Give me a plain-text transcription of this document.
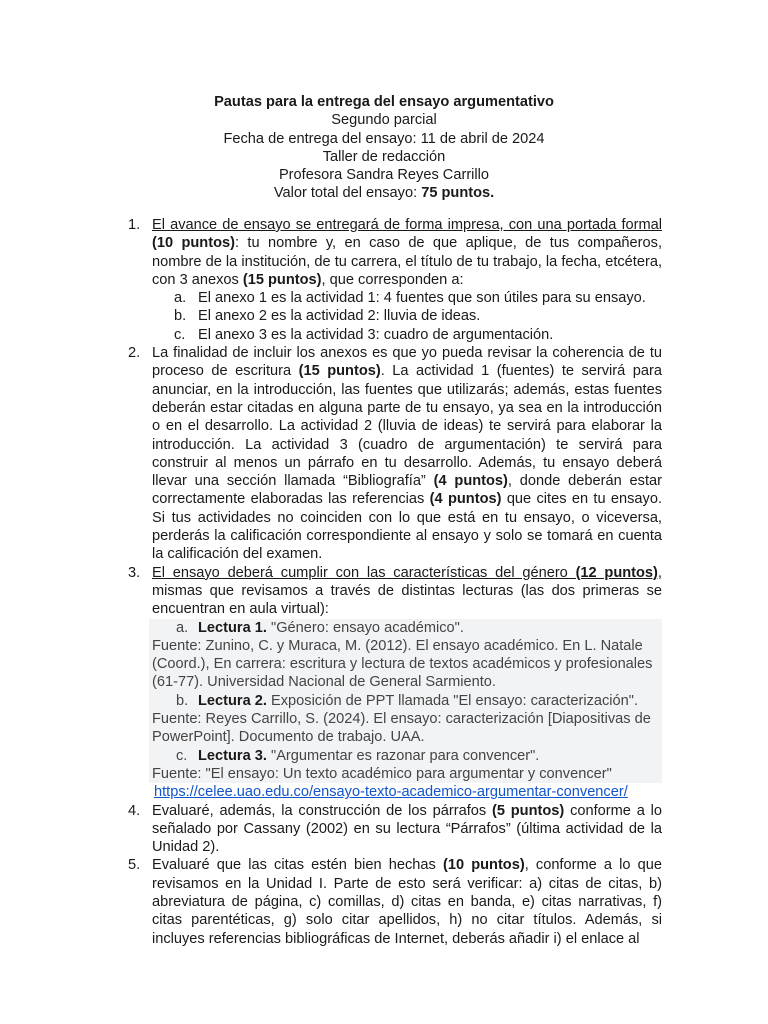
Pautas para la entrega del ensayo argumentativo
Segundo parcial
Fecha de entrega del ensayo: 11 de abril de 2024
Taller de redacción
Profesora Sandra Reyes Carrillo
Valor total del ensayo: 75 puntos.
1. El avance de ensayo se entregará de forma impresa, con una portada formal (10 puntos): tu nombre y, en caso de que aplique, de tus compañeros, nombre de la institución, de tu carrera, el título de tu trabajo, la fecha, etcétera, con 3 anexos (15 puntos), que corresponden a:
a. El anexo 1 es la actividad 1: 4 fuentes que son útiles para su ensayo.
b. El anexo 2 es la actividad 2: lluvia de ideas.
c. El anexo 3 es la actividad 3: cuadro de argumentación.
2. La finalidad de incluir los anexos es que yo pueda revisar la coherencia de tu proceso de escritura (15 puntos). La actividad 1 (fuentes) te servirá para anunciar, en la introducción, las fuentes que utilizarás; además, estas fuentes deberán estar citadas en alguna parte de tu ensayo, ya sea en la introducción o en el desarrollo. La actividad 2 (lluvia de ideas) te servirá para elaborar la introducción. La actividad 3 (cuadro de argumentación) te servirá para construir al menos un párrafo en tu desarrollo. Además, tu ensayo deberá llevar una sección llamada “Bibliografía” (4 puntos), donde deberán estar correctamente elaboradas las referencias (4 puntos) que cites en tu ensayo. Si tus actividades no coinciden con lo que está en tu ensayo, o viceversa, perderás la calificación correspondiente al ensayo y solo se tomará en cuenta la calificación del examen.
3. El ensayo deberá cumplir con las características del género (12 puntos), mismas que revisamos a través de distintas lecturas (las dos primeras se encuentran en aula virtual):
a. Lectura 1. "Género: ensayo académico".
Fuente: Zunino, C. y Muraca, M. (2012). El ensayo académico. En L. Natale (Coord.), En carrera: escritura y lectura de textos académicos y profesionales (61-77). Universidad Nacional de General Sarmiento.
b. Lectura 2. Exposición de PPT llamada "El ensayo: caracterización".
Fuente: Reyes Carrillo, S. (2024). El ensayo: caracterización [Diapositivas de PowerPoint]. Documento de trabajo. UAA.
c. Lectura 3. "Argumentar es razonar para convencer".
Fuente: "El ensayo: Un texto académico para argumentar y convencer"
https://celee.uao.edu.co/ensayo-texto-academico-argumentar-convencer/
4. Evaluaré, además, la construcción de los párrafos (5 puntos) conforme a lo señalado por Cassany (2002) en su lectura “Párrafos” (última actividad de la Unidad 2).
5. Evaluaré que las citas estén bien hechas (10 puntos), conforme a lo que revisamos en la Unidad I. Parte de esto será verificar: a) citas de citas, b) abreviatura de página, c) comillas, d) citas en banda, e) citas narrativas, f) citas parentéticas, g) solo citar apellidos, h) no citar títulos. Además, si incluyes referencias bibliográficas de Internet, deberás añadir i) el enlace al
